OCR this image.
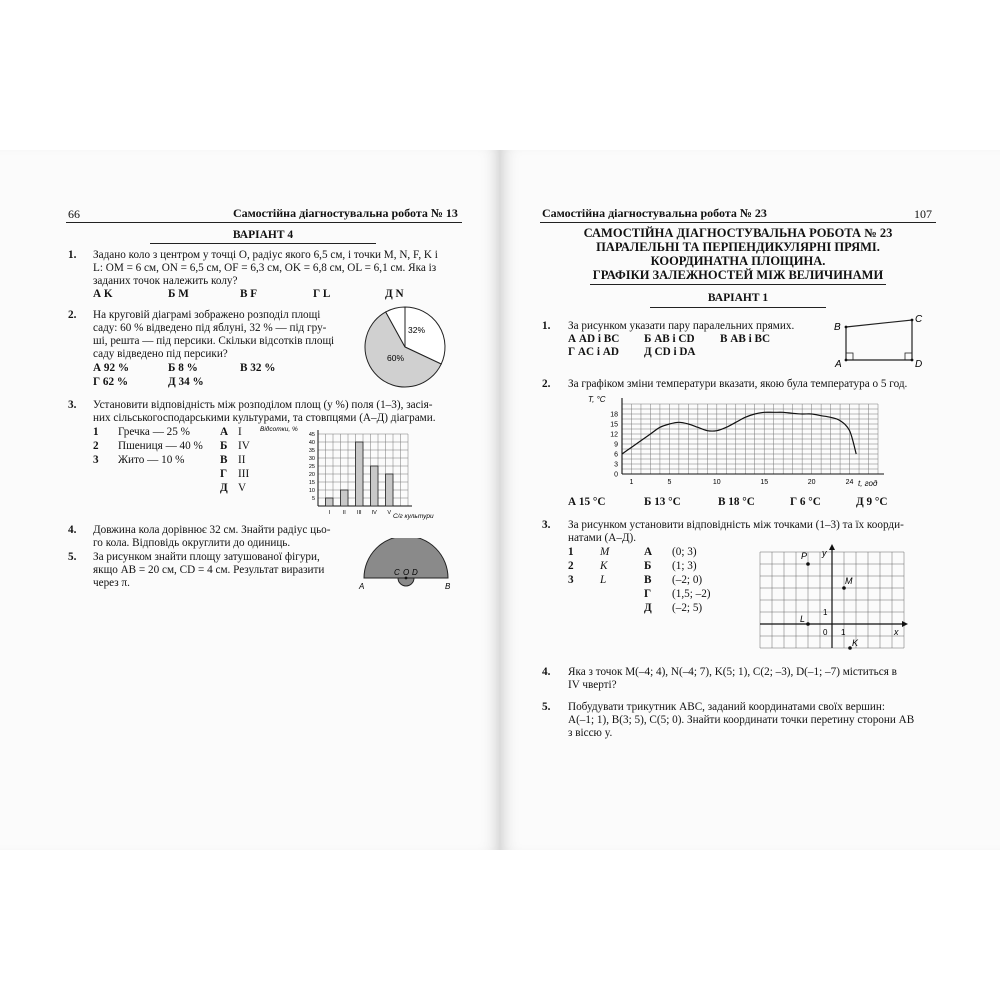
66	Самостійна діагностувальна робота № 13
ВАРІАНТ 4
1. Задано коло з центром у точці O, радіус якого 6,5 см, і точки M, N, F, K і
L: OM = 6 см, ON = 6,5 см, OF = 6,3 см, OK = 6,8 см, OL = 6,1 см. Яка із
заданих точок належить колу?
А K	Б M	В F	Г L	Д N
2. На круговій діаграмі зображено розподіл площі
саду: 60 % відведено під яблуні, 32 % — під гру-
ші, решта — під персики. Скільки відсотків площі
саду відведено під персики?
А 92 %	Б 8 %	В 32 %
Г 62 %	Д 34 %
32%
60%
3. Установити відповідність між розподілом площ (у %) поля (1–3), засія-
них сільськогосподарськими культурами, та стовпцями (А–Д) діаграми.
1 Гречка — 25 %
2 Пшениця — 40 %
3 Жито — 10 %
А I
Б IV
В II
Г III
Д V
5
10
15
20
25
30
35
40
45
I II III IV V
Відсотки, %
С/г культури
4. Довжина кола дорівнює 32 см. Знайти радіус цьо-
го кола. Відповідь округлити до одиниць.
5. За рисунком знайти площу затушованої фігури,
якщо AB = 20 см, CD = 4 см. Результат виразити
через π.	A
C O D
B
Самостійна діагностувальна робота № 23	107
САМОСТІЙНА ДІАГНОСТУВАЛЬНА РОБОТА № 23
ПАРАЛЕЛЬНІ ТА ПЕРПЕНДИКУЛЯРНІ ПРЯМІ.
КООРДИНАТНА ПЛОЩИНА.
ГРАФІКИ ЗАЛЕЖНОСТЕЙ МІЖ ВЕЛИЧИНАМИ
ВАРІАНТ 1
1. За рисунком указати пару паралельних прямих.
А AD і BC Б AB і CD В AB і BC
Г AC і AD Д CD і DA
B
C
A	D
2. За графіком зміни температури вказати, якою була температура о 5 год.
0
3
6
9
12
15
18
1	5	10	15	20	24
T, °C
t, год
А 15 °C	Б 13 °C	В 18 °C	Г 6 °C	Д 9 °C
3. За рисунком установити відповідність між точками (1–3) та їх коорди-
натами (А–Д).
1 M
2 K
3 L
А (0; 3)
Б (1; 3)
В (–2; 0)
Г (1,5; –2)
Д (–2; 5)
P y
M
L
K
x
0 1
1
4. Яка з точок M(–4; 4), N(–4; 7), K(5; 1), C(2; –3), D(–1; –7) міститься в
IV чверті?
5. Побудувати трикутник ABC, заданий координатами своїх вершин:
A(–1; 1), B(3; 5), C(5; 0). Знайти координати точки перетину сторони AB
з віссю y.
